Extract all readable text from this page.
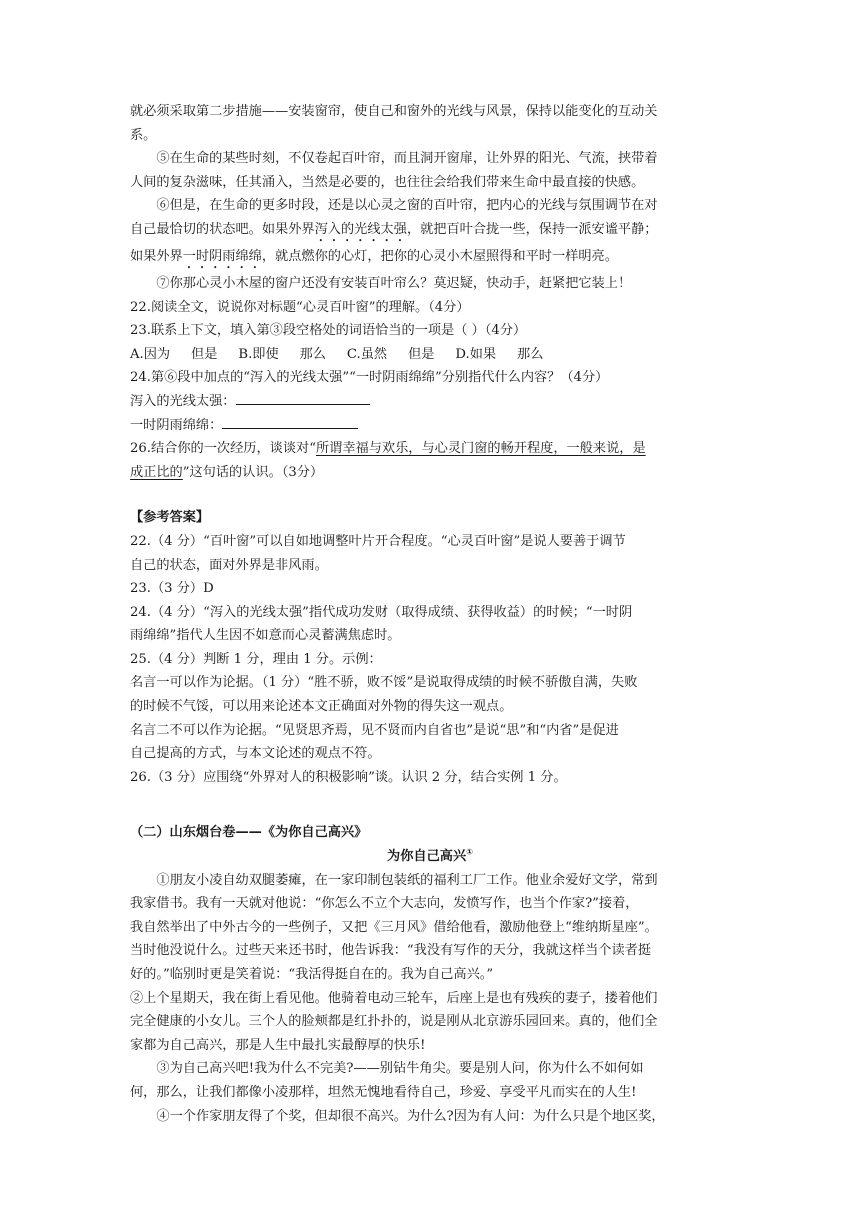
就必须采取第二步措施——安装窗帘，使自己和窗外的光线与风景，保持以能变化的互动关

系。

⑤在生命的某些时刻，不仅卷起百叶帘，而且洞开窗扉，让外界的阳光、气流，挟带着

人间的复杂滋味，任其涌入，当然是必要的，也往往会给我们带来生命中最直接的快感。

⑥但是，在生命的更多时段，还是以心灵之窗的百叶帘，把内心的光线与氛围调节在对

自己最恰切的状态吧。如果外界泻入的光线太强，就把百叶合拢一些，保持一派安谧平静；

如果外界一时阴雨绵绵，就点燃你的心灯，把你的心灵小木屋照得和平时一样明亮。

⑦你那心灵小木屋的窗户还没有安装百叶帘么？莫迟疑，快动手，赶紧把它装上！

22.阅读全文，说说你对标题“心灵百叶窗”的理解。（4分）

23.联系上下文，填入第③段空格处的词语恰当的一项是（ ）（4分）

A.因为     但是     B.即使     那么     C.虽然     但是     D.如果     那么

24.第⑥段中加点的“泻入的光线太强”“一时阴雨绵绵”分别指代什么内容？（4分）

泻入的光线太强：

一时阴雨绵绵：

26.结合你的一次经历，谈谈对“所谓幸福与欢乐，与心灵门窗的畅开程度，一般来说，是

成正比的”这句话的认识。（3分）

【参考答案】

22.（4 分）“百叶窗”可以自如地调整叶片开合程度。“心灵百叶窗”是说人要善于调节

自己的状态，面对外界是非风雨。

23.（3 分）D

24.（4 分）“泻入的光线太强”指代成功发财（取得成绩、获得收益）的时候；“一时阴

雨绵绵”指代人生因不如意而心灵蓄满焦虑时。

25.（4 分）判断 1 分，理由 1 分。示例：

名言一可以作为论据。（1 分）“胜不骄，败不馁”是说取得成绩的时候不骄傲自满，失败

的时候不气馁，可以用来论述本文正确面对外物的得失这一观点。

名言二不可以作为论据。“见贤思齐焉，见不贤而内自省也”是说“思”和“内省”是促进

自己提高的方式，与本文论述的观点不符。

26.（3 分）应围绕“外界对人的积极影响”谈。认识 2 分，结合实例 1 分。

（二）山东烟台卷——《为你自己高兴》

为你自己高兴①

①朋友小凌自幼双腿萎瘫，在一家印制包装纸的福利工厂工作。他业余爱好文学，常到

我家借书。我有一天就对他说：“你怎么不立个大志向，发愤写作，也当个作家?”接着，

我自然举出了中外古今的一些例子，又把《三月风》借给他看，激励他登上“维纳斯星座”。

当时他没说什么。过些天来还书时，他告诉我：“我没有写作的天分，我就这样当个读者挺

好的。”临别时更是笑着说：“我活得挺自在的。我为自己高兴。”

②上个星期天，我在街上看见他。他骑着电动三轮车，后座上是也有残疾的妻子，搂着他们

完全健康的小女儿。三个人的脸颊都是红扑扑的，说是刚从北京游乐园回来。真的，他们全

家都为自己高兴，那是人生中最扎实最醇厚的快乐!

③为自己高兴吧!我为什么不完美?——别钻牛角尖。要是别人问，你为什么不如何如

何，那么，让我们都像小凌那样，坦然无愧地看待自己，珍爱、享受平凡而实在的人生!

④一个作家朋友得了个奖，但却很不高兴。为什么?因为有人问：为什么只是个地区奖，
